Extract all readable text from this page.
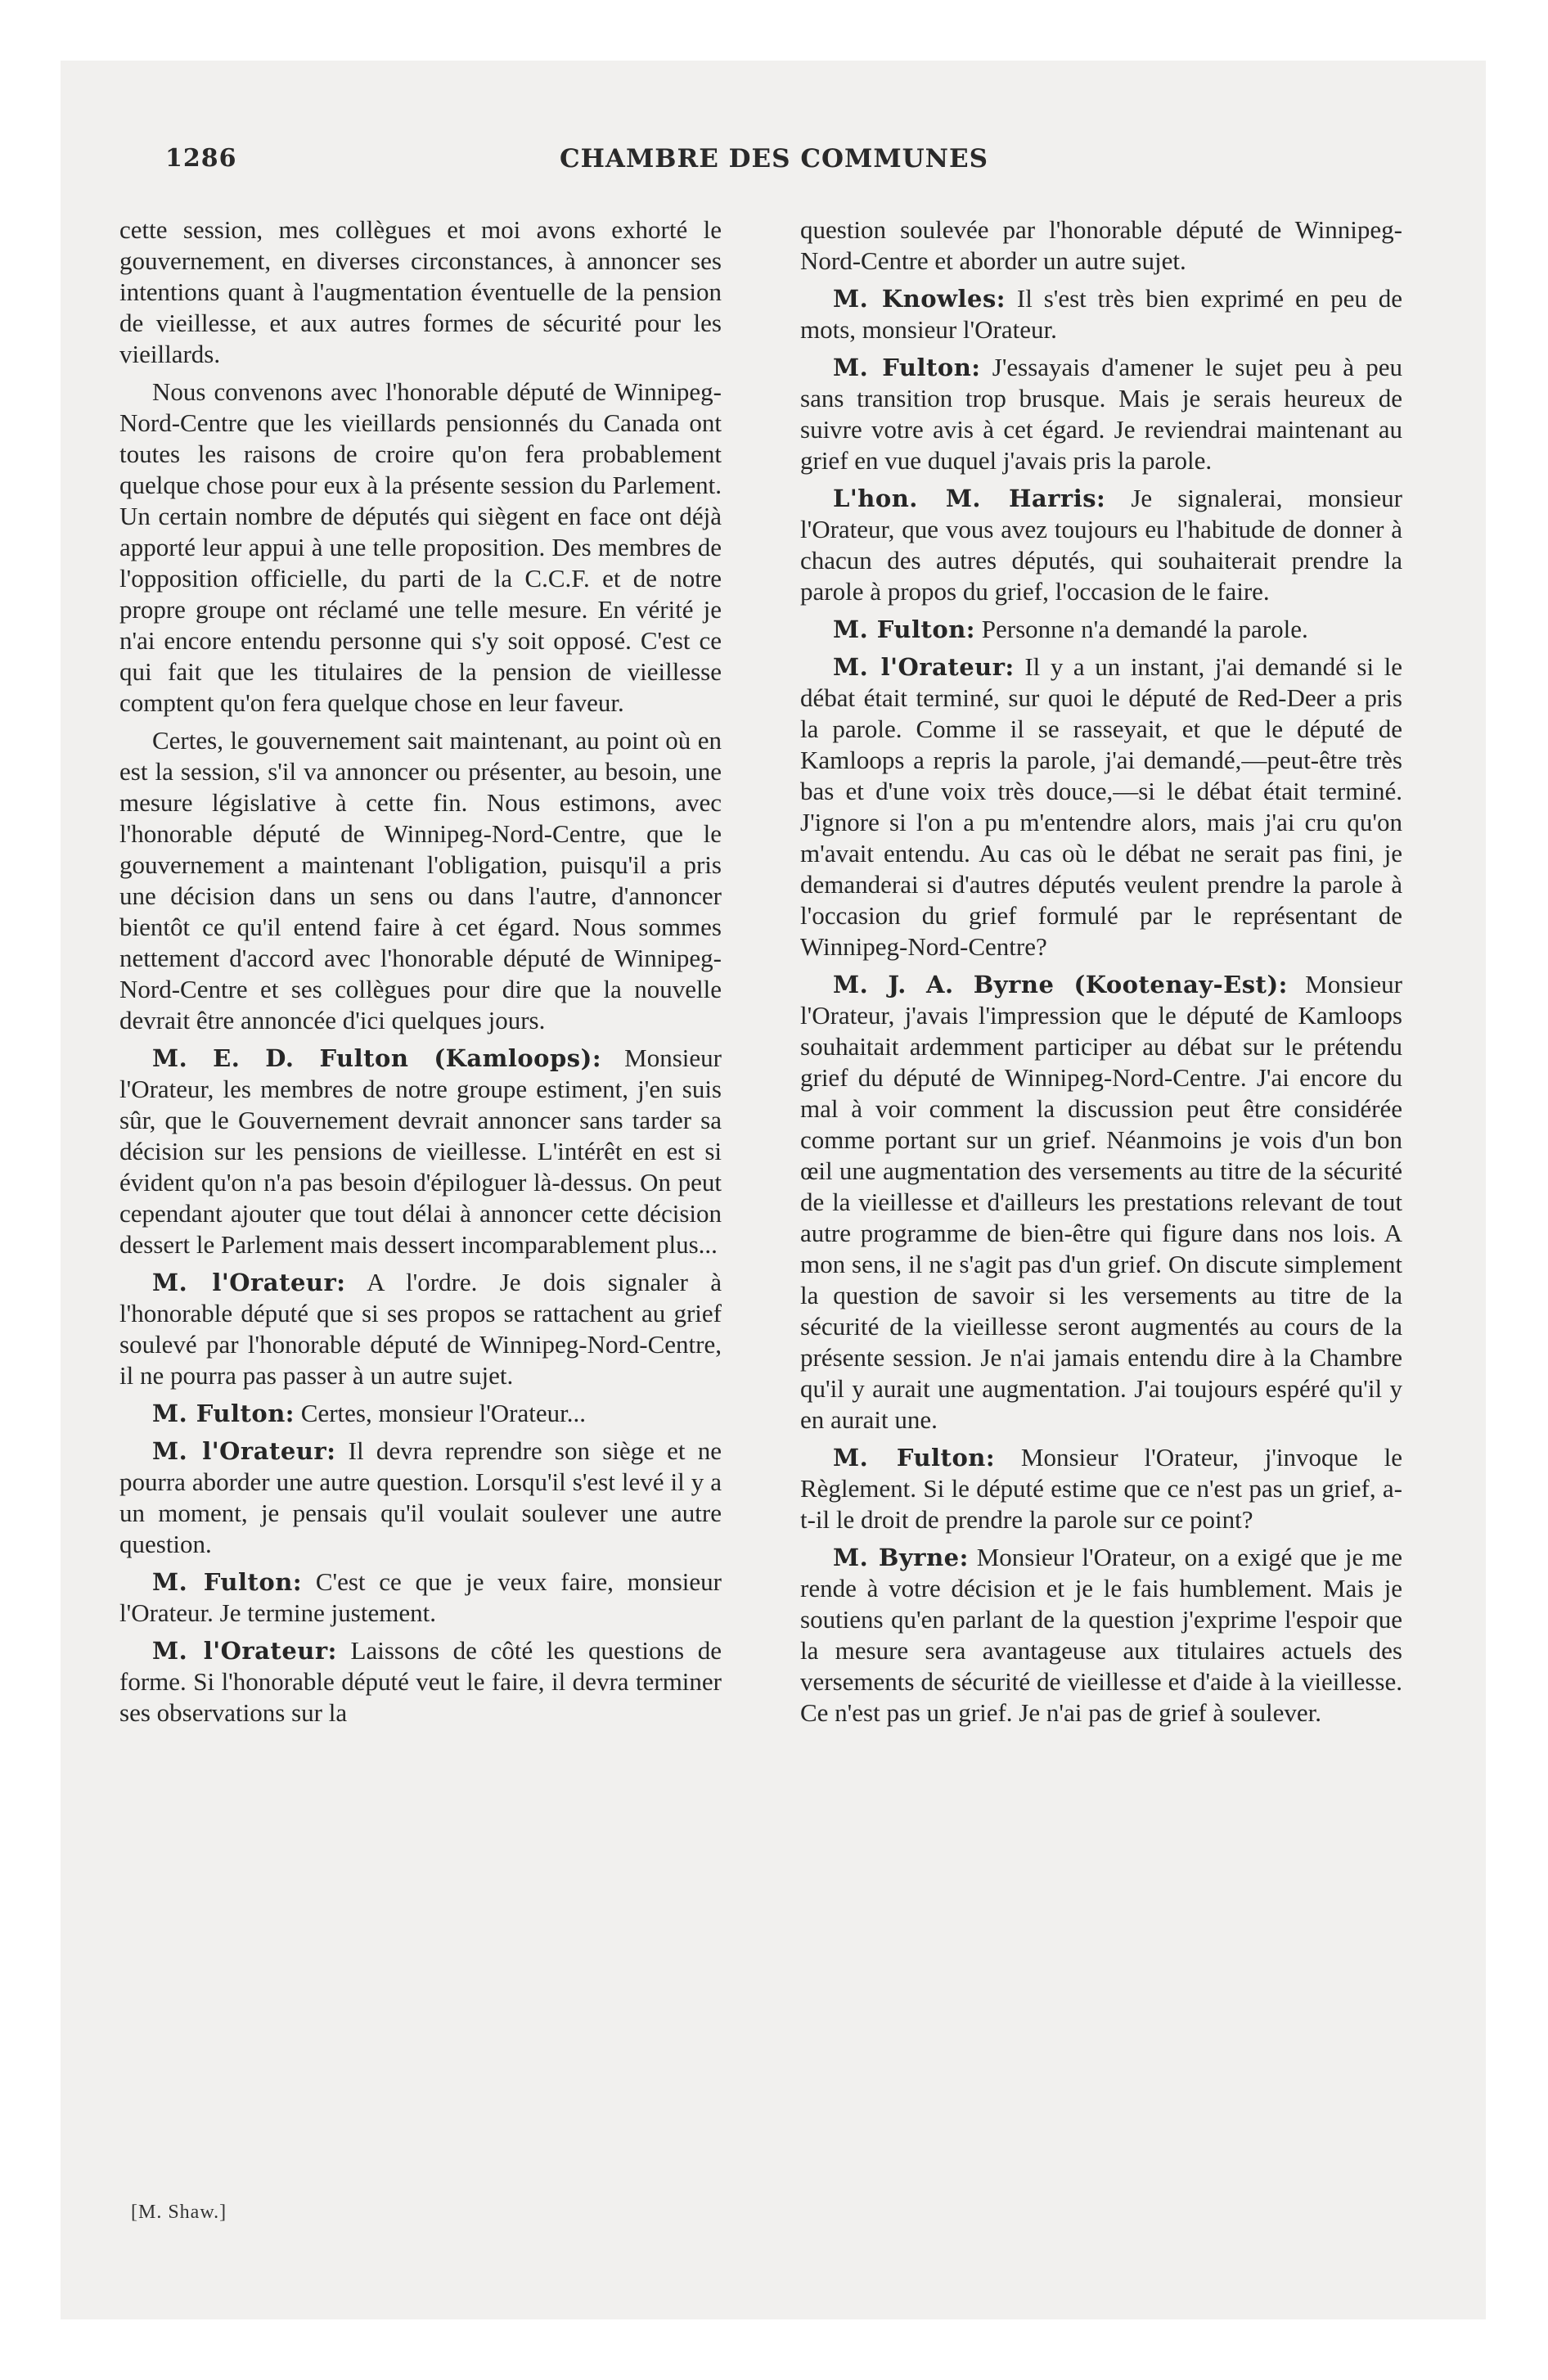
1286	CHAMBRE DES COMMUNES

cette session, mes collègues et moi avons exhorté le gouvernement, en diverses circonstances, à annoncer ses intentions quant à l'augmentation éventuelle de la pension de vieillesse, et aux autres formes de sécurité pour les vieillards.

Nous convenons avec l'honorable député de Winnipeg-Nord-Centre que les vieillards pensionnés du Canada ont toutes les raisons de croire qu'on fera probablement quelque chose pour eux à la présente session du Parlement. Un certain nombre de députés qui siègent en face ont déjà apporté leur appui à une telle proposition. Des membres de l'opposition officielle, du parti de la C.C.F. et de notre propre groupe ont réclamé une telle mesure. En vérité je n'ai encore entendu personne qui s'y soit opposé. C'est ce qui fait que les titulaires de la pension de vieillesse comptent qu'on fera quelque chose en leur faveur.

Certes, le gouvernement sait maintenant, au point où en est la session, s'il va annoncer ou présenter, au besoin, une mesure législative à cette fin. Nous estimons, avec l'honorable député de Winnipeg-Nord-Centre, que le gouvernement a maintenant l'obligation, puisqu'il a pris une décision dans un sens ou dans l'autre, d'annoncer bientôt ce qu'il entend faire à cet égard. Nous sommes nettement d'accord avec l'honorable député de Winnipeg-Nord-Centre et ses collègues pour dire que la nouvelle devrait être annoncée d'ici quelques jours.

M. E. D. Fulton (Kamloops): Monsieur l'Orateur, les membres de notre groupe estiment, j'en suis sûr, que le Gouvernement devrait annoncer sans tarder sa décision sur les pensions de vieillesse. L'intérêt en est si évident qu'on n'a pas besoin d'épiloguer là-dessus. On peut cependant ajouter que tout délai à annoncer cette décision dessert le Parlement mais dessert incomparablement plus...

M. l'Orateur: A l'ordre. Je dois signaler à l'honorable député que si ses propos se rattachent au grief soulevé par l'honorable député de Winnipeg-Nord-Centre, il ne pourra pas passer à un autre sujet.

M. Fulton: Certes, monsieur l'Orateur...

M. l'Orateur: Il devra reprendre son siège et ne pourra aborder une autre question. Lorsqu'il s'est levé il y a un moment, je pensais qu'il voulait soulever une autre question.

M. Fulton: C'est ce que je veux faire, monsieur l'Orateur. Je termine justement.

M. l'Orateur: Laissons de côté les questions de forme. Si l'honorable député veut le faire, il devra terminer ses observations sur la

question soulevée par l'honorable député de Winnipeg-Nord-Centre et aborder un autre sujet.

M. Knowles: Il s'est très bien exprimé en peu de mots, monsieur l'Orateur.

M. Fulton: J'essayais d'amener le sujet peu à peu sans transition trop brusque. Mais je serais heureux de suivre votre avis à cet égard. Je reviendrai maintenant au grief en vue duquel j'avais pris la parole.

L'hon. M. Harris: Je signalerai, monsieur l'Orateur, que vous avez toujours eu l'habitude de donner à chacun des autres députés, qui souhaiterait prendre la parole à propos du grief, l'occasion de le faire.

M. Fulton: Personne n'a demandé la parole.

M. l'Orateur: Il y a un instant, j'ai demandé si le débat était terminé, sur quoi le député de Red-Deer a pris la parole. Comme il se rasseyait, et que le député de Kamloops a repris la parole, j'ai demandé,—peut-être très bas et d'une voix très douce,—si le débat était terminé. J'ignore si l'on a pu m'entendre alors, mais j'ai cru qu'on m'avait entendu. Au cas où le débat ne serait pas fini, je demanderai si d'autres députés veulent prendre la parole à l'occasion du grief formulé par le représentant de Winnipeg-Nord-Centre?

M. J. A. Byrne (Kootenay-Est): Monsieur l'Orateur, j'avais l'impression que le député de Kamloops souhaitait ardemment participer au débat sur le prétendu grief du député de Winnipeg-Nord-Centre. J'ai encore du mal à voir comment la discussion peut être considérée comme portant sur un grief. Néanmoins je vois d'un bon œil une augmentation des versements au titre de la sécurité de la vieillesse et d'ailleurs les prestations relevant de tout autre programme de bien-être qui figure dans nos lois. A mon sens, il ne s'agit pas d'un grief. On discute simplement la question de savoir si les versements au titre de la sécurité de la vieillesse seront augmentés au cours de la présente session. Je n'ai jamais entendu dire à la Chambre qu'il y aurait une augmentation. J'ai toujours espéré qu'il y en aurait une.

M. Fulton: Monsieur l'Orateur, j'invoque le Règlement. Si le député estime que ce n'est pas un grief, a-t-il le droit de prendre la parole sur ce point?

M. Byrne: Monsieur l'Orateur, on a exigé que je me rende à votre décision et je le fais humblement. Mais je soutiens qu'en parlant de la question j'exprime l'espoir que la mesure sera avantageuse aux titulaires actuels des versements de sécurité de vieillesse et d'aide à la vieillesse. Ce n'est pas un grief. Je n'ai pas de grief à soulever.

[M. Shaw.]
